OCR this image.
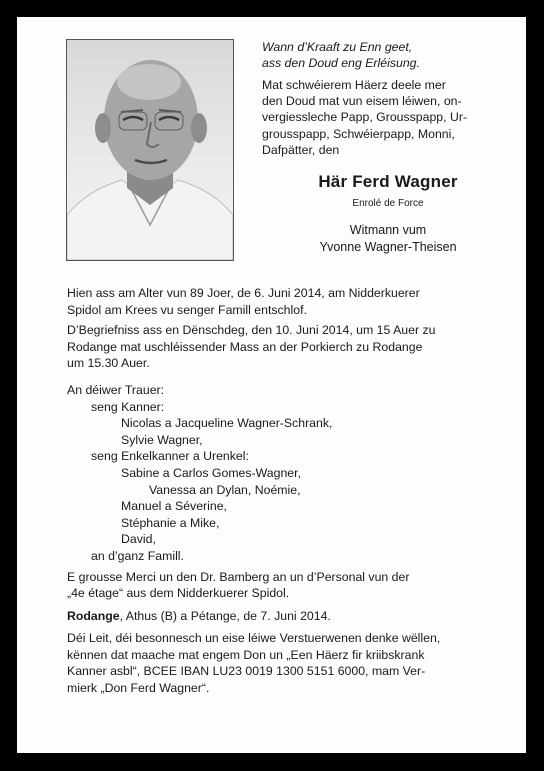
Wann d’Kraaft zu Enn geet,
ass den Doud eng Erléisung.
Mat schwéierem Häerz deele mer
den Doud mat vun eisem léiwen, on-
vergiessleche Papp, Grousspapp, Ur-
grousspapp, Schwéierpapp, Monni,
Dafpätter, den
Här Ferd Wagner
Enrolé de Force
Witmann vum
Yvonne Wagner-Theisen

Hien ass am Alter vun 89 Joer, de 6. Juni 2014, am Nidderkuerer

Spidol am Krees vu senger Famill entschlof.

D’Begriefniss ass en Dënschdeg, den 10. Juni 2014, um 15 Auer zu

Rodange mat uschléissender Mass an der Porkierch zu Rodange

um 15.30 Auer.

An déiwer Trauer:

seng Kanner:

Nicolas a Jacqueline Wagner-Schrank,

Sylvie Wagner,

seng Enkelkanner a Urenkel:

Sabine a Carlos Gomes-Wagner,

Vanessa an Dylan, Noémie,

Manuel a Séverine,

Stéphanie a Mike,

David,

an d’ganz Famill.

E grousse Merci un den Dr. Bamberg an un d’Personal vun der

„4e étage“ aus dem Nidderkuerer Spidol.

Rodange, Athus (B) a Pétange, de 7. Juni 2014.

Déi Leit, déi besonnesch un eise léiwe Verstuerwenen denke wëllen,

kënnen dat maache mat engem Don un „Een Häerz fir kriibskrank

Kanner asbl“, BCEE IBAN LU23 0019 1300 5151 6000, mam Ver-

mierk „Don Ferd Wagner“.
